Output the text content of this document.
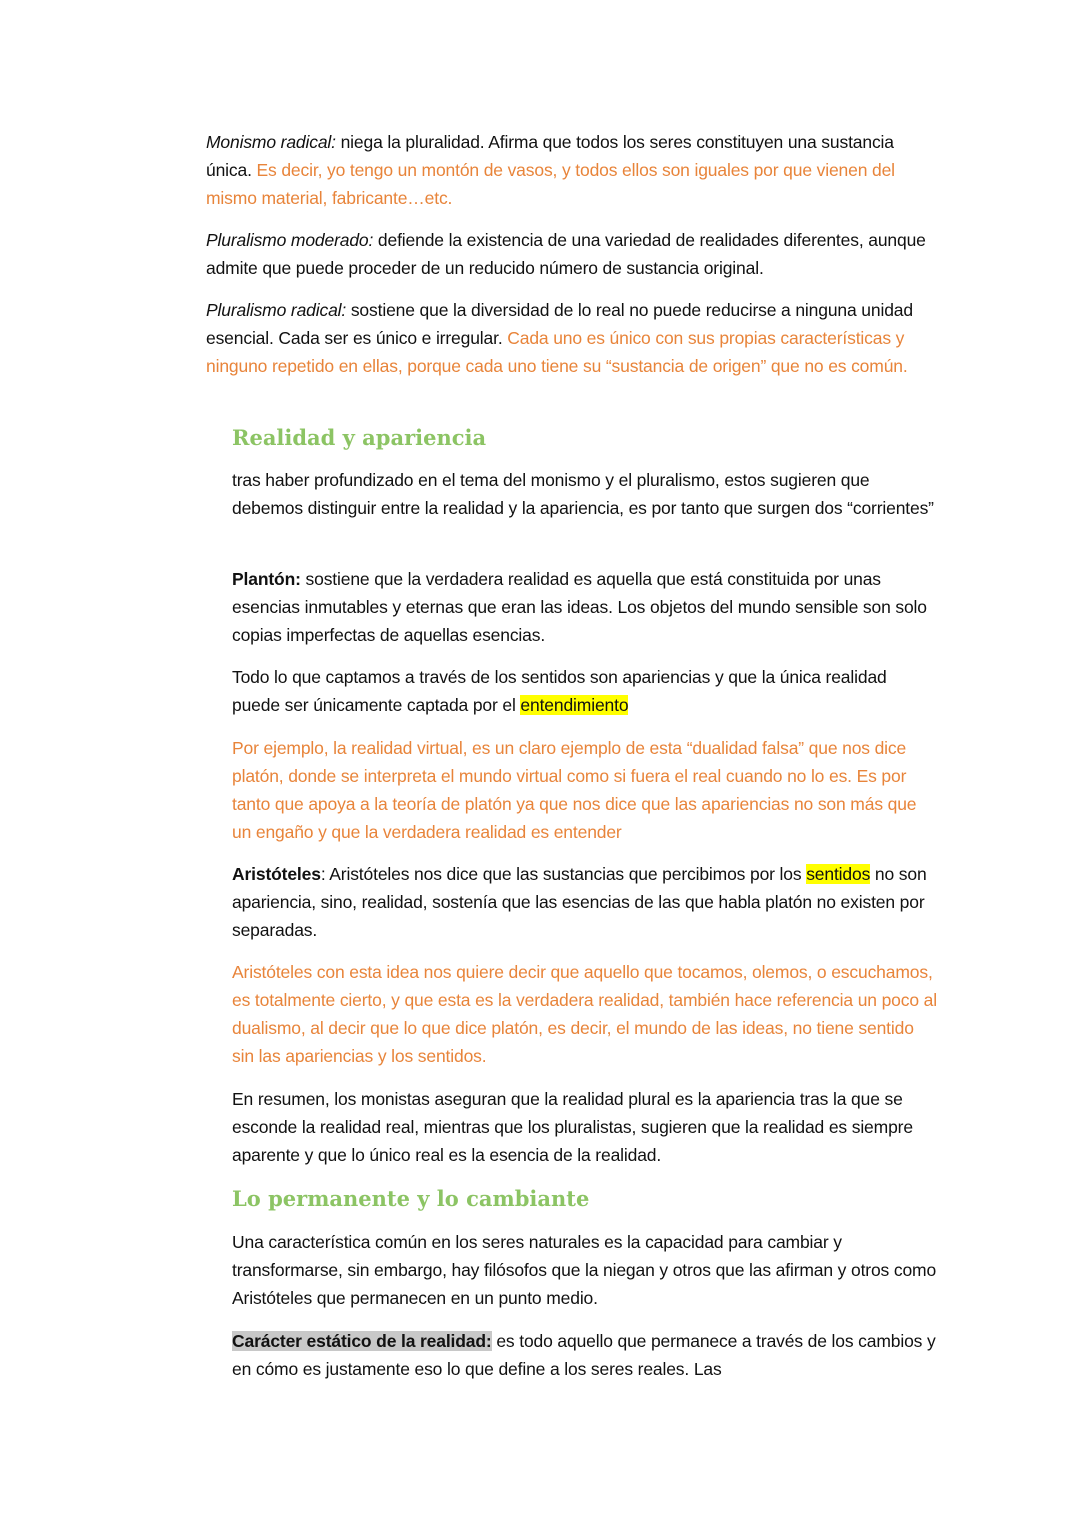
Monismo radical: niega la pluralidad. Afirma que todos los seres constituyen una sustancia única. Es decir, yo tengo un montón de vasos, y todos ellos son iguales por que vienen del mismo material, fabricante…etc.

Pluralismo moderado: defiende la existencia de una variedad de realidades diferentes, aunque admite que puede proceder de un reducido número de sustancia original.

Pluralismo radical: sostiene que la diversidad de lo real no puede reducirse a ninguna unidad esencial. Cada ser es único e irregular. Cada uno es único con sus propias características y ninguno repetido en ellas, porque cada uno tiene su “sustancia de origen” que no es común.

Realidad y apariencia

tras haber profundizado en el tema del monismo y el pluralismo, estos sugieren que debemos distinguir entre la realidad y la apariencia, es por tanto que surgen dos “corrientes”

Plantón: sostiene que la verdadera realidad es aquella que está constituida por unas esencias inmutables y eternas que eran las ideas. Los objetos del mundo sensible son solo copias imperfectas de aquellas esencias.

Todo lo que captamos a través de los sentidos son apariencias y que la única realidad puede ser únicamente captada por el entendimiento

Por ejemplo, la realidad virtual, es un claro ejemplo de esta “dualidad falsa” que nos dice platón, donde se interpreta el mundo virtual como si fuera el real cuando no lo es. Es por tanto que apoya a la teoría de platón ya que nos dice que las apariencias no son más que un engaño y que la verdadera realidad es entender

Aristóteles: Aristóteles nos dice que las sustancias que percibimos por los sentidos no son apariencia, sino, realidad, sostenía que las esencias de las que habla platón no existen por separadas.

Aristóteles con esta idea nos quiere decir que aquello que tocamos, olemos, o escuchamos, es totalmente cierto, y que esta es la verdadera realidad, también hace referencia un poco al dualismo, al decir que lo que dice platón, es decir, el mundo de las ideas, no tiene sentido sin las apariencias y los sentidos.

En resumen, los monistas aseguran que la realidad plural es la apariencia tras la que se esconde la realidad real, mientras que los pluralistas, sugieren que la realidad es siempre aparente y que lo único real es la esencia de la realidad.

Lo permanente y lo cambiante

Una característica común en los seres naturales es la capacidad para cambiar y transformarse, sin embargo, hay filósofos que la niegan y otros que las afirman y otros como Aristóteles que permanecen en un punto medio.

Carácter estático de la realidad: es todo aquello que permanece a través de los cambios y en cómo es justamente eso lo que define a los seres reales. Las
